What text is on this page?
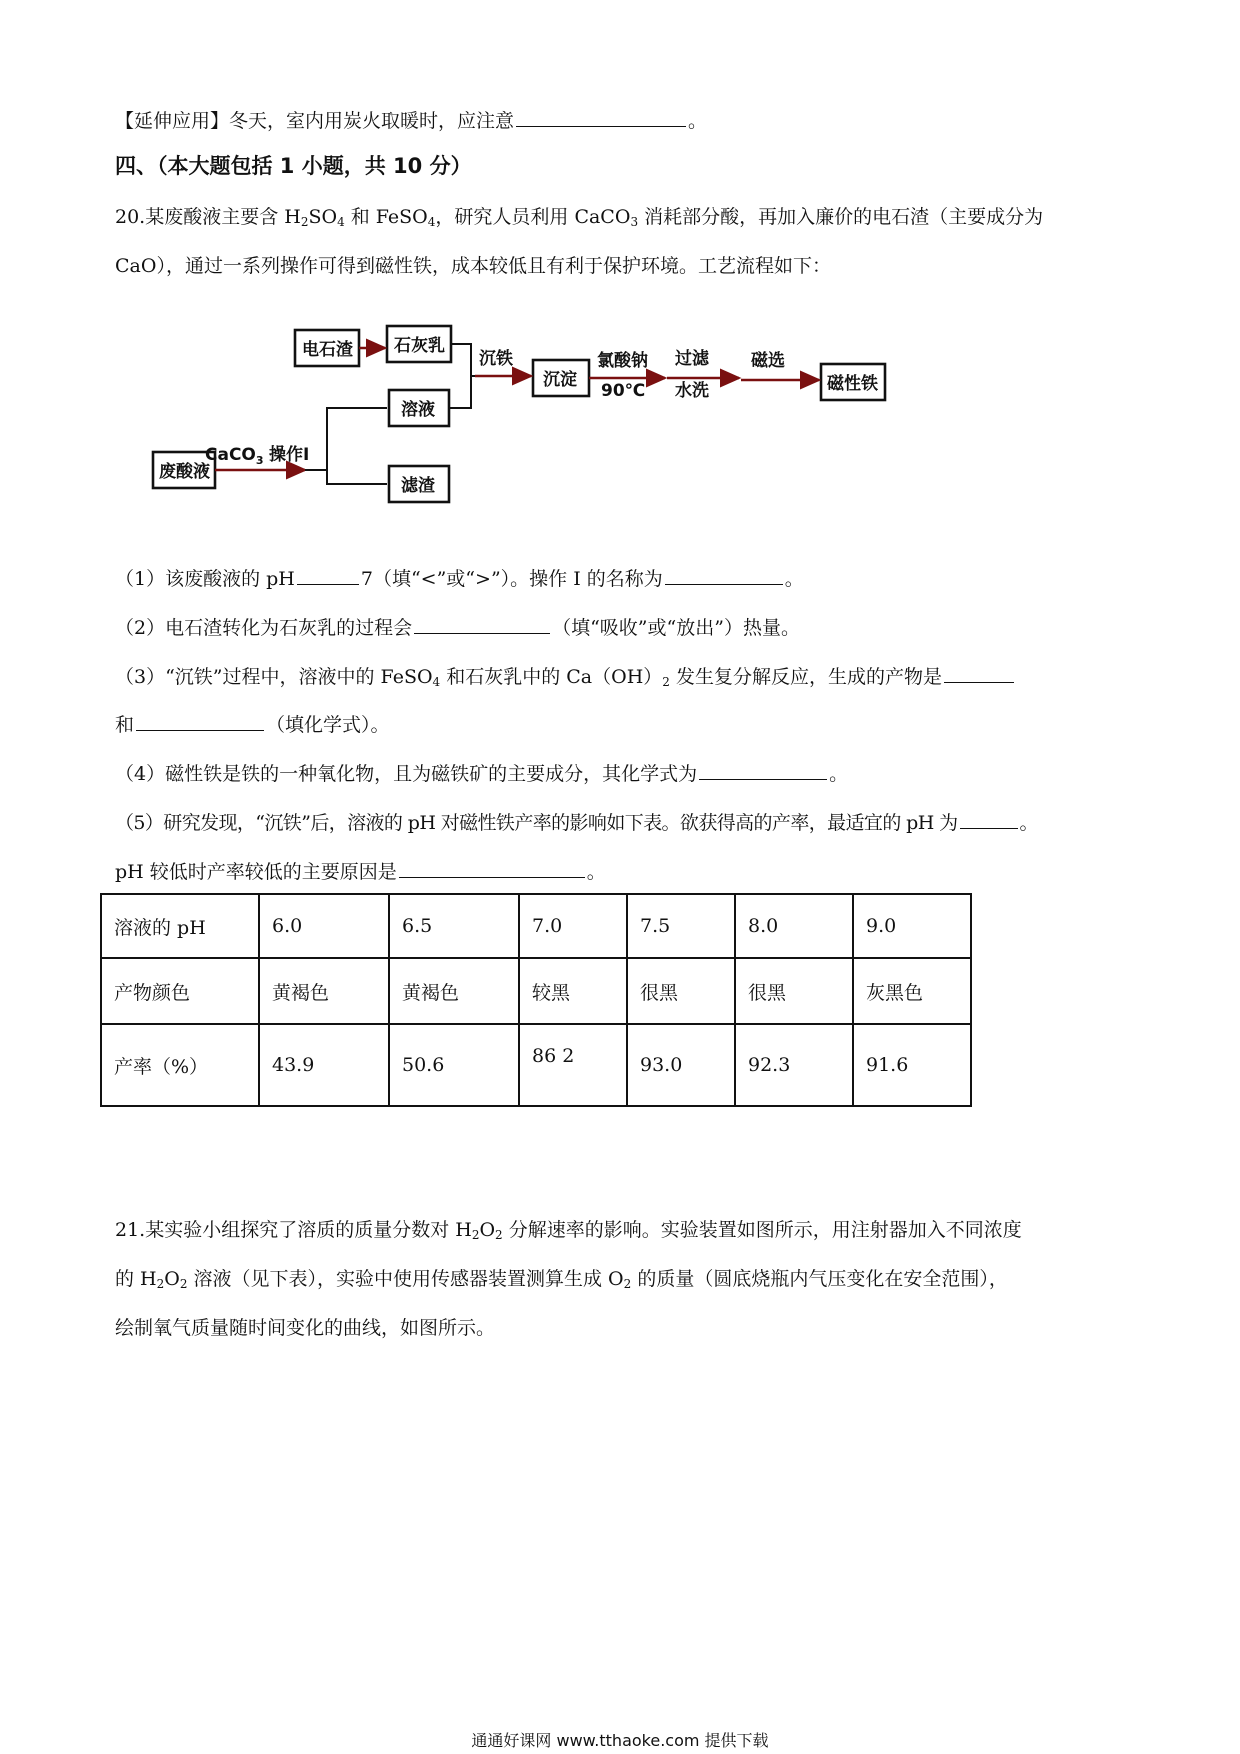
【延伸应用】冬天，室内用炭火取暖时，应注意	。
四、（本大题包括 1 小题，共 10 分）
20.某废酸液主要含 $H_2SO_4$ 和 FeSO$_4$，研究人员利用 CaCO$_3$ 消耗部分酸，再加入廉价的电石渣（主要成分为
CaO），通过一系列操作可得到磁性铁，成本较低且有利于保护环境。工艺流程如下：
电石渣 石灰乳
废酸液
溶液
滤渣
沉淀	磁性铁
CaCO$_3$ 操作I
沉铁	氯酸钠
90℃
过滤
水洗
磁选
（1）该废酸液的 pH	7（填“<”或“>”）。操作 I 的名称为	。
（2）电石渣转化为石灰乳的过程会	（填“吸收”或“放出”）热量。
（3）“沉铁”过程中，溶液中的 FeSO$_4$ 和石灰乳中的 $Ca(OH)_2$ 发生复分解反应，生成的产物是
和	（填化学式）。
（4）磁性铁是铁的一种氧化物，且为磁铁矿的主要成分，其化学式为	。
（5）研究发现，“沉铁”后，溶液的 pH 对磁性铁产率的影响如下表。欲获得高的产率，最适宜的 pH 为	。
pH 较低时产率较低的主要原因是	。
溶液的 pH	6.0	6.5	7.0	7.5	8.0	9.0
产物颜色	黄褐色	黄褐色	较黑	很黑	很黑	灰黑色
产率（%）	43.9	50.6	86 2	93.0	92.3	91.6
21.某实验小组探究了溶质的质量分数对 $H_2O_2$ 分解速率的影响。实验装置如图所示，用注射器加入不同浓度
的 $H_2O_2$ 溶液（见下表），实验中使用传感器装置测算生成 $O_2$ 的质量（圆底烧瓶内气压变化在安全范围），
绘制氧气质量随时间变化的曲线，如图所示。
通通好课网 www.tthaoke.com 提供下载
